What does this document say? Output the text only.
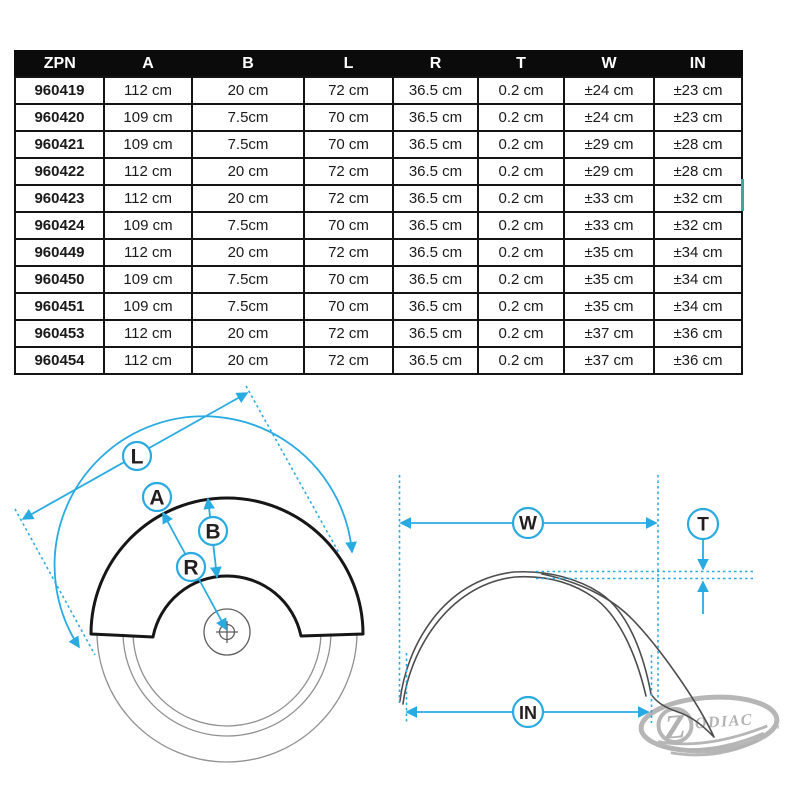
ZPN	A	B	L	R	T	W	IN
960419	112 cm	20 cm	72 cm	36.5 cm	0.2 cm	±24 cm	±23 cm
960420	109 cm	7.5cm	70 cm	36.5 cm	0.2 cm	±24 cm	±23 cm
960421	109 cm	7.5cm	70 cm	36.5 cm	0.2 cm	±29 cm	±28 cm
960422	112 cm	20 cm	72 cm	36.5 cm	0.2 cm	±29 cm	±28 cm
960423	112 cm	20 cm	72 cm	36.5 cm	0.2 cm	±33 cm	±32 cm
960424	109 cm	7.5cm	70 cm	36.5 cm	0.2 cm	±33 cm	±32 cm
960449	112 cm	20 cm	72 cm	36.5 cm	0.2 cm	±35 cm	±34 cm
960450	109 cm	7.5cm	70 cm	36.5 cm	0.2 cm	±35 cm	±34 cm
960451	109 cm	7.5cm	70 cm	36.5 cm	0.2 cm	±35 cm	±34 cm
960453	112 cm	20 cm	72 cm	36.5 cm	0.2 cm	±37 cm	±36 cm
960454	112 cm	20 cm	72 cm	36.5 cm	0.2 cm	±37 cm	±36 cm
Z ODIAC ™
L
A
B
R
W	T
IN
